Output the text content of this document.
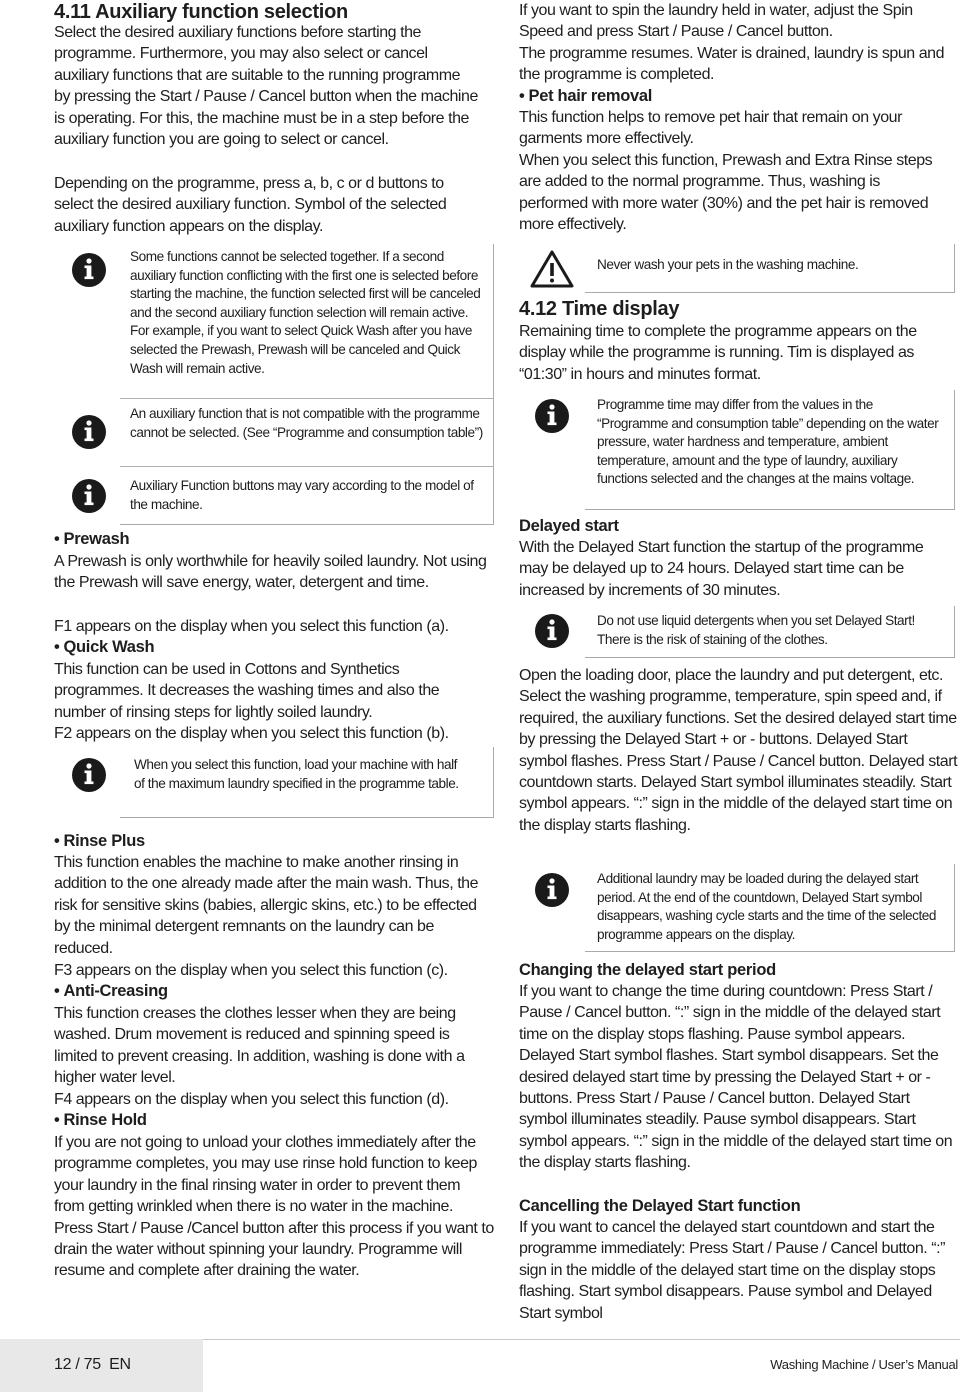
4.11 Auxiliary function selection

Select the desired auxiliary functions before starting the programme. Furthermore, you may also select or cancel auxiliary functions that are suitable to the running programme by pressing the Start / Pause / Cancel button when the machine is operating. For this, the machine must be in a step before the auxiliary function you are going to select or cancel.

Depending on the programme, press a, b, c or d buttons to select the desired auxiliary function. Symbol of the selected auxiliary function appears on the display.

Some functions cannot be selected together. If a second auxiliary function conflicting with the first one is selected before starting the machine, the function selected first will be canceled and the second auxiliary function selection will remain active. For example, if you want to select Quick Wash after you have selected the Prewash, Prewash will be canceled and Quick Wash will remain active.

An auxiliary function that is not compatible with the programme cannot be selected. (See “Programme and consumption table”)

Auxiliary Function buttons may vary according to the model of the machine.

• Prewash

A Prewash is only worthwhile for heavily soiled laundry. Not using the Prewash will save energy, water, detergent and time.

F1 appears on the display when you select this function (a).

• Quick Wash

This function can be used in Cottons and Synthetics programmes. It decreases the washing times and also the number of rinsing steps for lightly soiled laundry.

F2 appears on the display when you select this function (b).

When you select this function, load your machine with half of the maximum laundry specified in the programme table.

• Rinse Plus

This function enables the machine to make another rinsing in addition to the one already made after the main wash. Thus, the risk for sensitive skins (babies, allergic skins, etc.) to be effected by the minimal detergent remnants on the laundry can be reduced.

F3 appears on the display when you select this function (c).

• Anti-Creasing

This function creases the clothes lesser when they are being washed. Drum movement is reduced and spinning speed is limited to prevent creasing. In addition, washing is done with a higher water level.

F4 appears on the display when you select this function (d).

• Rinse Hold

If you are not going to unload your clothes immediately after the programme completes, you may use rinse hold function to keep your laundry in the final rinsing water in order to prevent them from getting wrinkled when there is no water in the machine. Press Start / Pause /Cancel button after this process if you want to drain the water without spinning your laundry. Programme will resume and complete after draining the water.

If you want to spin the laundry held in water, adjust the Spin Speed and press Start / Pause / Cancel button.

The programme resumes. Water is drained, laundry is spun and the programme is completed.

• Pet hair removal

This function helps to remove pet hair that remain on your garments more effectively.

When you select this function, Prewash and Extra Rinse steps are added to the normal programme. Thus, washing is performed with more water (30%) and the pet hair is removed more effectively.

Never wash your pets in the washing machine.

4.12 Time display

Remaining time to complete the programme appears on the display while the programme is running. Tim is displayed as “01:30” in hours and minutes format.

Programme time may differ from the values in the “Programme and consumption table” depending on the water pressure, water hardness and temperature, ambient temperature, amount and the type of laundry, auxiliary functions selected and the changes at the mains voltage.

Delayed start

With the Delayed Start function the startup of the programme may be delayed up to 24 hours. Delayed start time can be increased by increments of 30 minutes.

Do not use liquid detergents when you set Delayed Start! There is the risk of staining of the clothes.

Open the loading door, place the laundry and put detergent, etc. Select the washing programme, temperature, spin speed and, if required, the auxiliary functions. Set the desired delayed start time by pressing the Delayed Start + or - buttons. Delayed Start symbol flashes. Press Start / Pause / Cancel button. Delayed start countdown starts. Delayed Start symbol illuminates steadily. Start symbol appears. “:” sign in the middle of the delayed start time on the display starts flashing.

Additional laundry may be loaded during the delayed start period. At the end of the countdown, Delayed Start symbol disappears, washing cycle starts and the time of the selected programme appears on the display.

Changing the delayed start period

If you want to change the time during countdown: Press Start / Pause / Cancel button. “:” sign in the middle of the delayed start time on the display stops flashing. Pause symbol appears. Delayed Start symbol flashes. Start symbol disappears. Set the desired delayed start time by pressing the Delayed Start + or - buttons. Press Start / Pause / Cancel button. Delayed Start symbol illuminates steadily. Pause symbol disappears. Start symbol appears. “:” sign in the middle of the delayed start time on the display starts flashing.

Cancelling the Delayed Start function

If you want to cancel the delayed start countdown and start the programme immediately: Press Start / Pause / Cancel button. “:” sign in the middle of the delayed start time on the display stops flashing. Start symbol disappears. Pause symbol and Delayed Start symbol

12 / 75  EN	Washing Machine / User’s Manual
